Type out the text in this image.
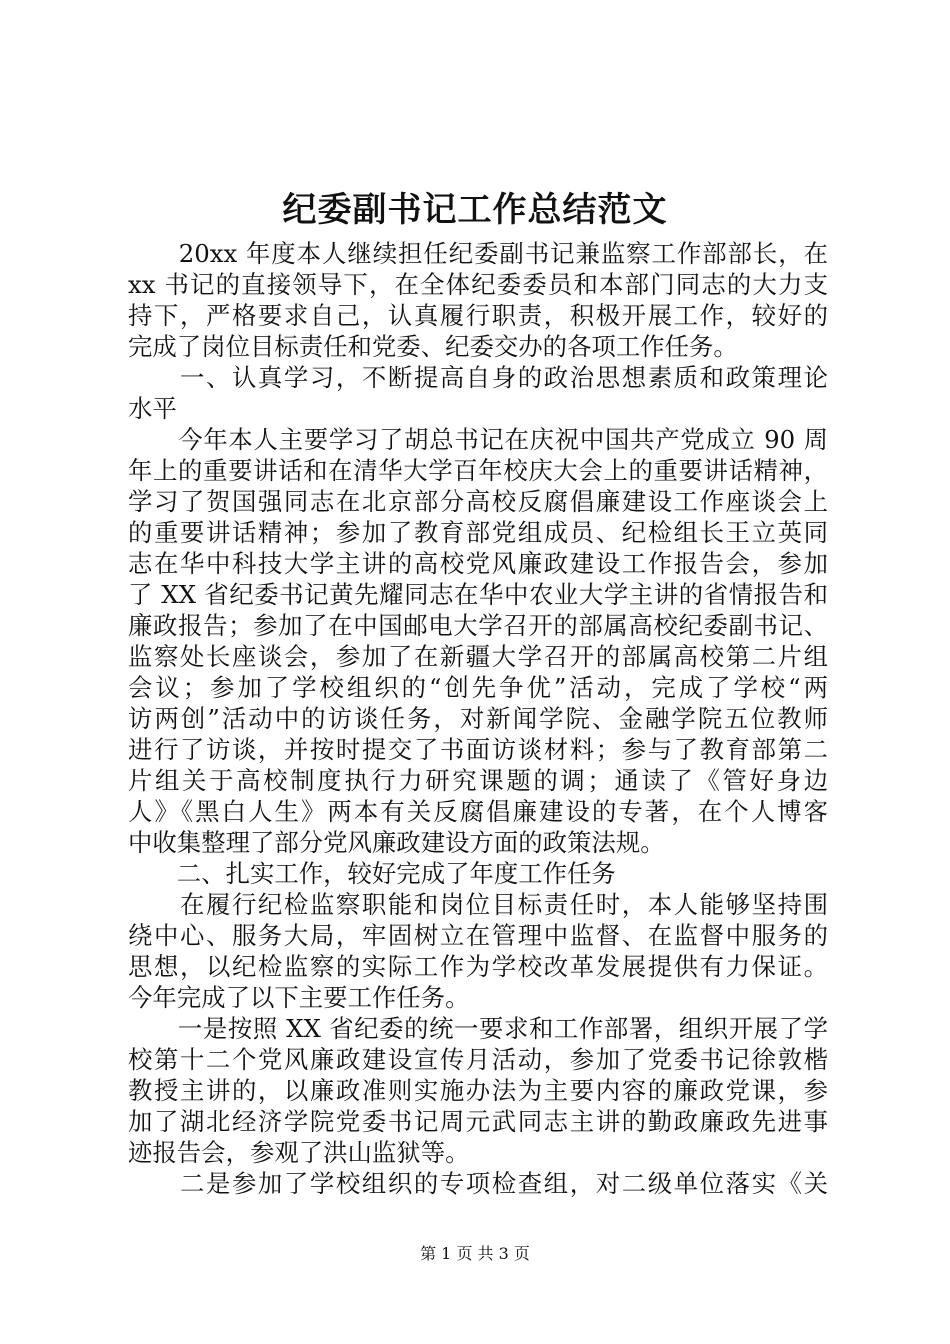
纪委副书记工作总结范文
　　20xx 年度本人继续担任纪委副书记兼监察工作部部长，在
xx 书记的直接领导下，在全体纪委委员和本部门同志的大力支
持下，严格要求自己，认真履行职责，积极开展工作，较好的
完成了岗位目标责任和党委、纪委交办的各项工作任务。
　　一、认真学习，不断提高自身的政治思想素质和政策理论
水平
　　今年本人主要学习了胡总书记在庆祝中国共产党成立 90 周
年上的重要讲话和在清华大学百年校庆大会上的重要讲话精神，
学习了贺国强同志在北京部分高校反腐倡廉建设工作座谈会上
的重要讲话精神；参加了教育部党组成员、纪检组长王立英同
志在华中科技大学主讲的高校党风廉政建设工作报告会，参加
了 XX 省纪委书记黄先耀同志在华中农业大学主讲的省情报告和
廉政报告；参加了在中国邮电大学召开的部属高校纪委副书记、
监察处长座谈会，参加了在新疆大学召开的部属高校第二片组
会议；参加了学校组织的“创先争优”活动，完成了学校“两
访两创”活动中的访谈任务，对新闻学院、金融学院五位教师
进行了访谈，并按时提交了书面访谈材料；参与了教育部第二
片组关于高校制度执行力研究课题的调；通读了《管好身边
人》《黑白人生》两本有关反腐倡廉建设的专著，在个人博客
中收集整理了部分党风廉政建设方面的政策法规。
　　二、扎实工作，较好完成了年度工作任务
　　在履行纪检监察职能和岗位目标责任时，本人能够坚持围
绕中心、服务大局，牢固树立在管理中监督、在监督中服务的
思想，以纪检监察的实际工作为学校改革发展提供有力保证。
今年完成了以下主要工作任务。
　　一是按照 XX 省纪委的统一要求和工作部署，组织开展了学
校第十二个党风廉政建设宣传月活动，参加了党委书记徐敦楷
教授主讲的，以廉政准则实施办法为主要内容的廉政党课，参
加了湖北经济学院党委书记周元武同志主讲的勤政廉政先进事
迹报告会，参观了洪山监狱等。
　　二是参加了学校组织的专项检查组，对二级单位落实《关
第 1 页 共 3 页
